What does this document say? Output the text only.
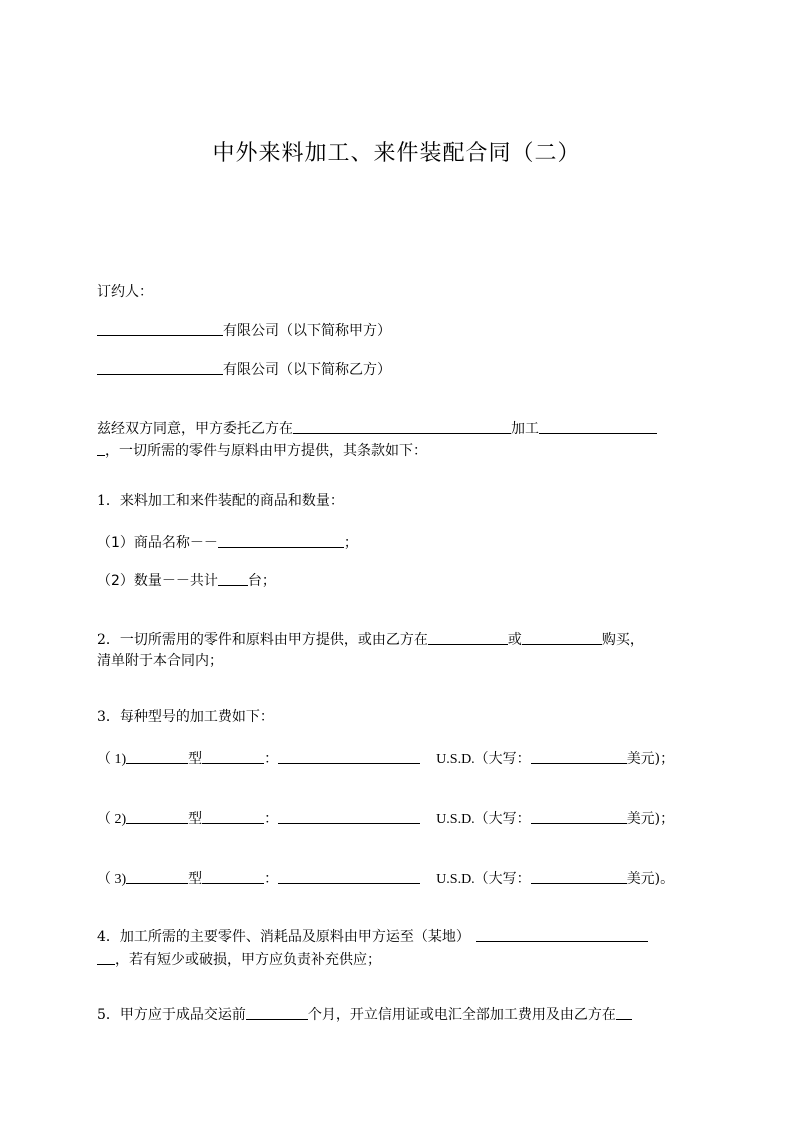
中外来料加工、来件装配合同（二）
订约人：
有限公司（以下简称甲方）
有限公司（以下简称乙方）
兹经双方同意，甲方委托乙方在	加工
，一切所需的零件与原料由甲方提供，其条款如下：
1．来料加工和来件装配的商品和数量：
（1）商品名称－－	；
（2）数量－－共计 台；
2．一切所需用的零件和原料由甲方提供，或由乙方在	或	购买，
清单附于本合同内；
3．每种型号的加工费如下：
（ 1)	型	：	U.S.D.（大写：	美元)；
（ 2)	型	：	U.S.D.（大写：	美元)；
（ 3)	型	：	U.S.D.（大写：	美元)。
4．加工所需的主要零件、消耗品及原料由甲方运至（某地）
，若有短少或破损，甲方应负责补充供应；
5．甲方应于成品交运前	个月，开立信用证或电汇全部加工费用及由乙方在
